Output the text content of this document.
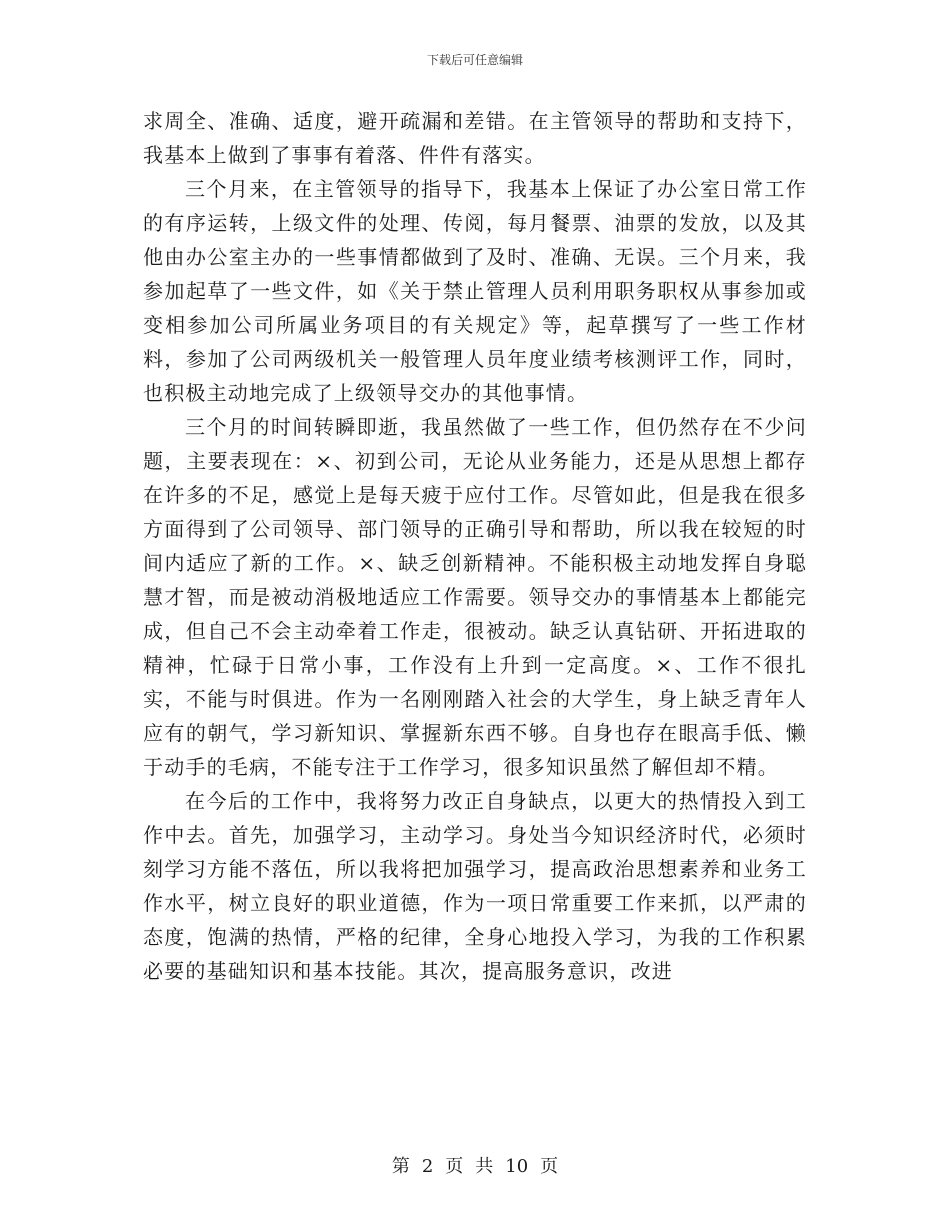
下载后可任意编辑

求周全、准确、适度，避开疏漏和差错。在主管领导的帮助和支持下，我基本上做到了事事有着落、件件有落实。

三个月来，在主管领导的指导下，我基本上保证了办公室日常工作的有序运转，上级文件的处理、传阅，每月餐票、油票的发放，以及其他由办公室主办的一些事情都做到了及时、准确、无误。三个月来，我参加起草了一些文件，如《关于禁止管理人员利用职务职权从事参加或变相参加公司所属业务项目的有关规定》等，起草撰写了一些工作材料，参加了公司两级机关一般管理人员年度业绩考核测评工作，同时，也积极主动地完成了上级领导交办的其他事情。

三个月的时间转瞬即逝，我虽然做了一些工作，但仍然存在不少问题，主要表现在：×、初到公司，无论从业务能力，还是从思想上都存在许多的不足，感觉上是每天疲于应付工作。尽管如此，但是我在很多方面得到了公司领导、部门领导的正确引导和帮助，所以我在较短的时间内适应了新的工作。×、缺乏创新精神。不能积极主动地发挥自身聪慧才智，而是被动消极地适应工作需要。领导交办的事情基本上都能完成，但自己不会主动牵着工作走，很被动。缺乏认真钻研、开拓进取的精神，忙碌于日常小事，工作没有上升到一定高度。×、工作不很扎实，不能与时俱进。作为一名刚刚踏入社会的大学生，身上缺乏青年人应有的朝气，学习新知识、掌握新东西不够。自身也存在眼高手低、懒于动手的毛病，不能专注于工作学习，很多知识虽然了解但却不精。

在今后的工作中，我将努力改正自身缺点，以更大的热情投入到工作中去。首先，加强学习，主动学习。身处当今知识经济时代，必须时刻学习方能不落伍，所以我将把加强学习，提高政治思想素养和业务工作水平，树立良好的职业道德，作为一项日常重要工作来抓，以严肃的态度，饱满的热情，严格的纪律，全身心地投入学习，为我的工作积累必要的基础知识和基本技能。其次，提高服务意识，改进

第 2 页 共 10 页
